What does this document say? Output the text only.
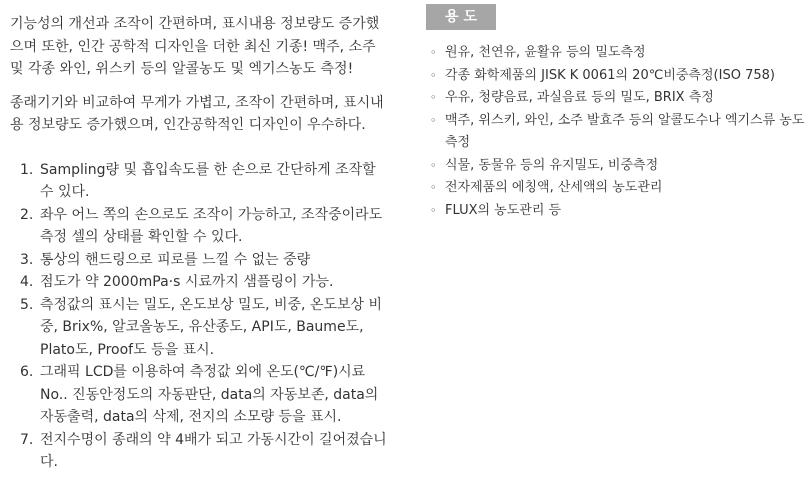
기능성의 개선과 조작이 간편하며, 표시내용 정보량도 증가했으며 또한, 인간 공학적 디자인을 더한 최신 기종! 맥주, 소주 및 각종 와인, 위스키 등의 알콜농도 및 엑기스농도 측정!

종래기기와 비교하여 무게가 가볍고, 조작이 간편하며, 표시내용 정보량도 증가했으며, 인간공학적인 디자인이 우수하다.

1. Sampling량 및 흡입속도를 한 손으로 간단하게 조작할 수 있다.
2. 좌우 어느 쪽의 손으로도 조작이 가능하고, 조작중이라도 측정 셀의 상태를 확인할 수 있다.
3. 통상의 핸드링으로 피로를 느낄 수 없는 중량
4. 점도가 약 2000mPa·s 시료까지 샘플링이 가능.
5. 측정값의 표시는 밀도, 온도보상 밀도, 비중, 온도보상 비중, Brix%, 알코올농도, 유산종도, API도, Baume도, Plato도, Proof도 등을 표시.
6. 그래픽 LCD를 이용하여 측정값 외에 온도(℃/℉)시료 No.. 진동안정도의 자동판단, data의 자동보존, data의 자동출력, data의 삭제, 전지의 소모량 등을 표시.
7. 전지수명이 종래의 약 4배가 되고 가동시간이 길어졌습니다.
용도
◦ 원유, 천연유, 윤활유 등의 밀도측정
◦ 각종 화학제품의 JISK K 0061의 20℃비중측정(ISO 758)
◦ 우유, 청량음료, 과실음료 등의 밀도, BRIX 측정
◦ 맥주, 위스키, 와인, 소주 발효주 등의 알콜도수나 엑기스류 농도측정
◦ 식물, 동물유 등의 유지밀도, 비중측정
◦ 전자제품의 에칭액, 산세액의 농도관리
◦ FLUX의 농도관리 등
